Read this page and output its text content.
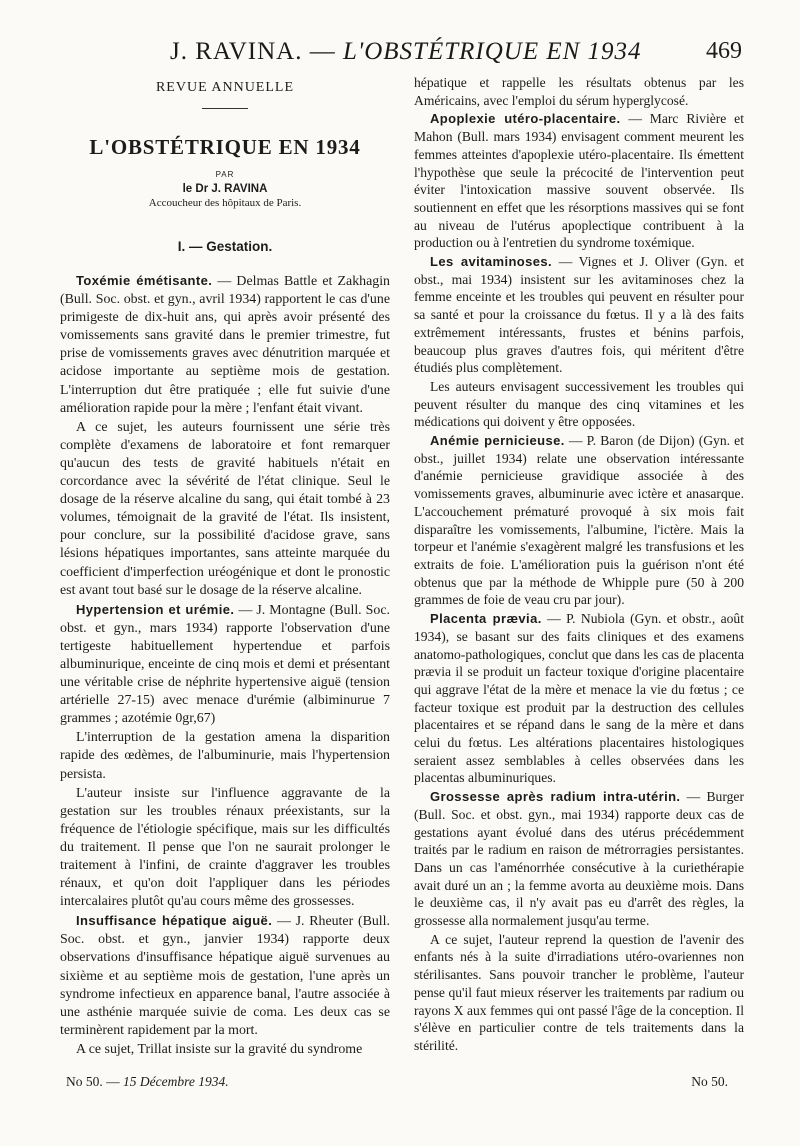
J. RAVINA. — L'OBSTÉTRIQUE EN 1934	469
REVUE ANNUELLE
L'OBSTÉTRIQUE EN 1934
PAR
le Dr J. RAVINA
Accoucheur des hôpitaux de Paris.
I. — Gestation.

Toxémie émétisante. — Delmas Battle et Zakhagin (Bull. Soc. obst. et gyn., avril 1934) rapportent le cas d'une primigeste de dix-huit ans, qui après avoir présenté des vomissements sans gravité dans le premier trimestre, fut prise de vomissements graves avec dénutrition marquée et acidose importante au septième mois de gestation. L'interruption dut être pratiquée ; elle fut suivie d'une amélioration rapide pour la mère ; l'enfant était vivant.

A ce sujet, les auteurs fournissent une série très complète d'examens de laboratoire et font remarquer qu'aucun des tests de gravité habituels n'était en corcordance avec la sévérité de l'état clinique. Seul le dosage de la réserve alcaline du sang, qui était tombé à 23 volumes, témoignait de la gravité de l'état. Ils insistent, pour conclure, sur la possibilité d'acidose grave, sans lésions hépatiques importantes, sans atteinte marquée du coefficient d'imperfection uréogénique et dont le pronostic est avant tout basé sur le dosage de la réserve alcaline.

Hypertension et urémie. — J. Montagne (Bull. Soc. obst. et gyn., mars 1934) rapporte l'observation d'une tertigeste habituellement hypertendue et parfois albuminurique, enceinte de cinq mois et demi et présentant une véritable crise de néphrite hypertensive aiguë (tension artérielle 27-15) avec menace d'urémie (albiminurue 7 grammes ; azotémie 0gr,67)

L'interruption de la gestation amena la disparition rapide des œdèmes, de l'albuminurie, mais l'hypertension persista.

L'auteur insiste sur l'influence aggravante de la gestation sur les troubles rénaux préexistants, sur la fréquence de l'étiologie spécifique, mais sur les difficultés du traitement. Il pense que l'on ne saurait prolonger le traitement à l'infini, de crainte d'aggraver les troubles rénaux, et qu'on doit l'appliquer dans les périodes intercalaires plutôt qu'au cours même des grossesses.

Insuffisance hépatique aiguë. — J. Rheuter (Bull. Soc. obst. et gyn., janvier 1934) rapporte deux observations d'insuffisance hépatique aiguë survenues au sixième et au septième mois de gestation, l'une après un syndrome infectieux en apparence banal, l'autre associée à une asthénie marquée suivie de coma. Les deux cas se terminèrent rapidement par la mort.

A ce sujet, Trillat insiste sur la gravité du syndrome

hépatique et rappelle les résultats obtenus par les Américains, avec l'emploi du sérum hyperglycosé.

Apoplexie utéro-placentaire. — Marc Rivière et Mahon (Bull. mars 1934) envisagent comment meurent les femmes atteintes d'apoplexie utéro-placentaire. Ils émettent l'hypothèse que seule la précocité de l'intervention peut éviter l'intoxication massive souvent observée. Ils soutiennent en effet que les résorptions massives qui se font au niveau de l'utérus apoplectique contribuent à la production ou à l'entretien du syndrome toxémique.

Les avitaminoses. — Vignes et J. Oliver (Gyn. et obst., mai 1934) insistent sur les avitaminoses chez la femme enceinte et les troubles qui peuvent en résulter pour sa santé et pour la croissance du fœtus. Il y a là des faits extrêmement intéressants, frustes et bénins parfois, beaucoup plus graves d'autres fois, qui méritent d'être étudiés plus complètement.

Les auteurs envisagent successivement les troubles qui peuvent résulter du manque des cinq vitamines et les médications qui doivent y être opposées.

Anémie pernicieuse. — P. Baron (de Dijon) (Gyn. et obst., juillet 1934) relate une observation intéressante d'anémie pernicieuse gravidique associée à des vomissements graves, albuminurie avec ictère et anasarque. L'accouchement prématuré provoqué à six mois fait disparaître les vomissements, l'albumine, l'ictère. Mais la torpeur et l'anémie s'exagèrent malgré les transfusions et les extraits de foie. L'amélioration puis la guérison n'ont été obtenus que par la méthode de Whipple pure (50 à 200 grammes de foie de veau cru par jour).

Placenta prævia. — P. Nubiola (Gyn. et obstr., août 1934), se basant sur des faits cliniques et des examens anatomo-pathologiques, conclut que dans les cas de placenta prævia il se produit un facteur toxique d'origine placentaire qui aggrave l'état de la mère et menace la vie du fœtus ; ce facteur toxique est produit par la destruction des cellules placentaires et se répand dans le sang de la mère et dans celui du fœtus. Les altérations placentaires histologiques seraient assez semblables à celles observées dans les placentas albuminuriques.

Grossesse après radium intra-utérin. — Burger (Bull. Soc. et obst. gyn., mai 1934) rapporte deux cas de gestations ayant évolué dans des utérus précédemment traités par le radium en raison de métrorragies persistantes. Dans un cas l'aménorrhée consécutive à la curiethérapie avait duré un an ; la femme avorta au deuxième mois. Dans le deuxième cas, il n'y avait pas eu d'arrêt des règles, la grossesse alla normalement jusqu'au terme.

A ce sujet, l'auteur reprend la question de l'avenir des enfants nés à la suite d'irradiations utéro-ovariennes non stérilisantes. Sans pouvoir trancher le problème, l'auteur pense qu'il faut mieux réserver les traitements par radium ou rayons X aux femmes qui ont passé l'âge de la conception. Il s'élève en particulier contre de tels traitements dans la stérilité.

No 50. — 15 Décembre 1934.	No 50.
